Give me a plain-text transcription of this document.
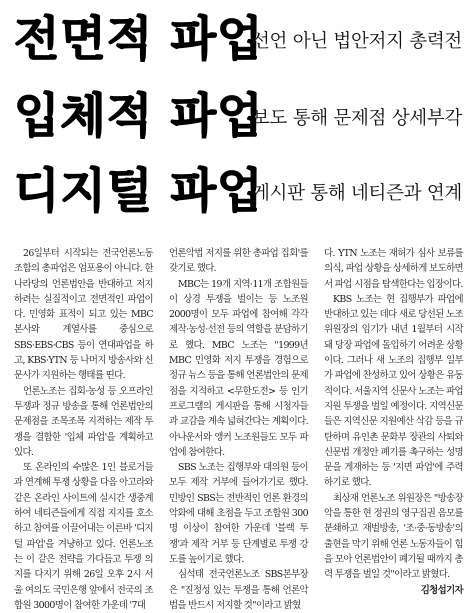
전면적 파업
선언 아닌 법안저지 총력전
입체적 파업
보도 통해 문제점 상세부각
디지털 파업
게시판 통해 네티즌과 연계

26일부터 시작되는 전국언론노동조합의 총파업은 엄포용이 아니다. 한나라당의 언론법안을 반대하고 저지하려는 실질적이고 전면적인 파업이다. 민영화 표적이 되고 있는 MBC 본사와 계열사를 중심으로 SBS·EBS·CBS 등이 연대파업을 하고, KBS·YTN 등 나머지 방송사와 신문사가 지원하는 행태를 띤다.

언론노조는 집회·농성 등 오프라인 투쟁과 정규 방송을 통해 언론법안의 문제점을 조목조목 지적하는 제작 투쟁을 결합한 '입체 파업'을 계획하고 있다.

또 온라인의 수많은 1인 블로거들과 연계해 투쟁 상황을 다음 아고라와 같은 온라인 사이트에 실시간 생중계하여 네티즌들에게 직접 지지를 호소하고 참여를 이끌어내는 이른바 '디지털 파업'을 겨냥하고 있다. 언론노조는 이 같은 전략을 가다듬고 투쟁 의지를 다지기 위해 26일 오후 2시 서울 여의도 국민은행 앞에서 전국의 조합원 3000명이 참여한 가운데 '7대

언론악법 저지를 위한 총파업 집회'를 갖기로 했다.

MBC는 19개 지역·11개 조합원들이 상경 투쟁을 벌이는 등 노조원 2000명이 모두 파업에 참여해 각각 제작·농성·선전 등의 역할을 분담하기로 했다. MBC 노조는 "1999년 MBC 민영화 저지 투쟁을 경험으로 정규 뉴스 등을 통해 언론법안의 문제점을 지적하고 <무한도전> 등 인기 프로그램의 게시판을 통해 시청자들과 교감을 계속 넓혀간다는 계획이다. 아나운서와 앵커 노조원들도 모두 파업에 참여한다.

SBS 노조는 집행부와 대의원 등이 모두 제작 거부에 들어가기로 했다. 민방인 SBS는 전반적인 언론 환경의 악화에 대해 초점을 두고 조합원 300명 이상이 참여한 가운데 '블랙 투쟁'과 제작 거부 등 단계별로 투쟁 강도를 높이기로 했다.

심석태 전국언론노조 SBS본부장은 "진정성 있는 투쟁을 통해 언론악법을 반드시 저지할 것"이라고 밝혔

다. YTN 노조는 재허가 심사 보류를 의식, 파업 상황을 상세하게 보도하면서 파업 시점을 탐색한다는 입장이다.

KBS 노조는 현 집행부가 파업에 반대하고 있는 데다 새로 당선된 노조위원장의 임기가 내년 1월부터 시작돼 당장 파업에 돌입하기 어려운 상황이다. 그러나 새 노조의 집행부 일부가 파업에 찬성하고 있어 상황은 유동적이다. 서울지역 신문사 노조는 파업 지원 투쟁을 벌일 예정이다. 지역신문들은 지역신문 지원예산 삭감 등을 규탄하며 유인촌 문화부 장관의 사퇴와 신문법 개정안 폐기를 촉구하는 성명문을 게재하는 등 '지면 파업'에 주력하기로 했다.

최상재 언론노조 위원장은 "방송장악을 통한 현 정권의 영구집권 음모를 분쇄하고 재벌방송, '조·중·동방송'의 출현을 막기 위해 언론 노동자들이 힘을 모아 언론법안이 폐기될 때까지 총력 투쟁을 벌일 것"이라고 밝혔다.

김청섭기자
